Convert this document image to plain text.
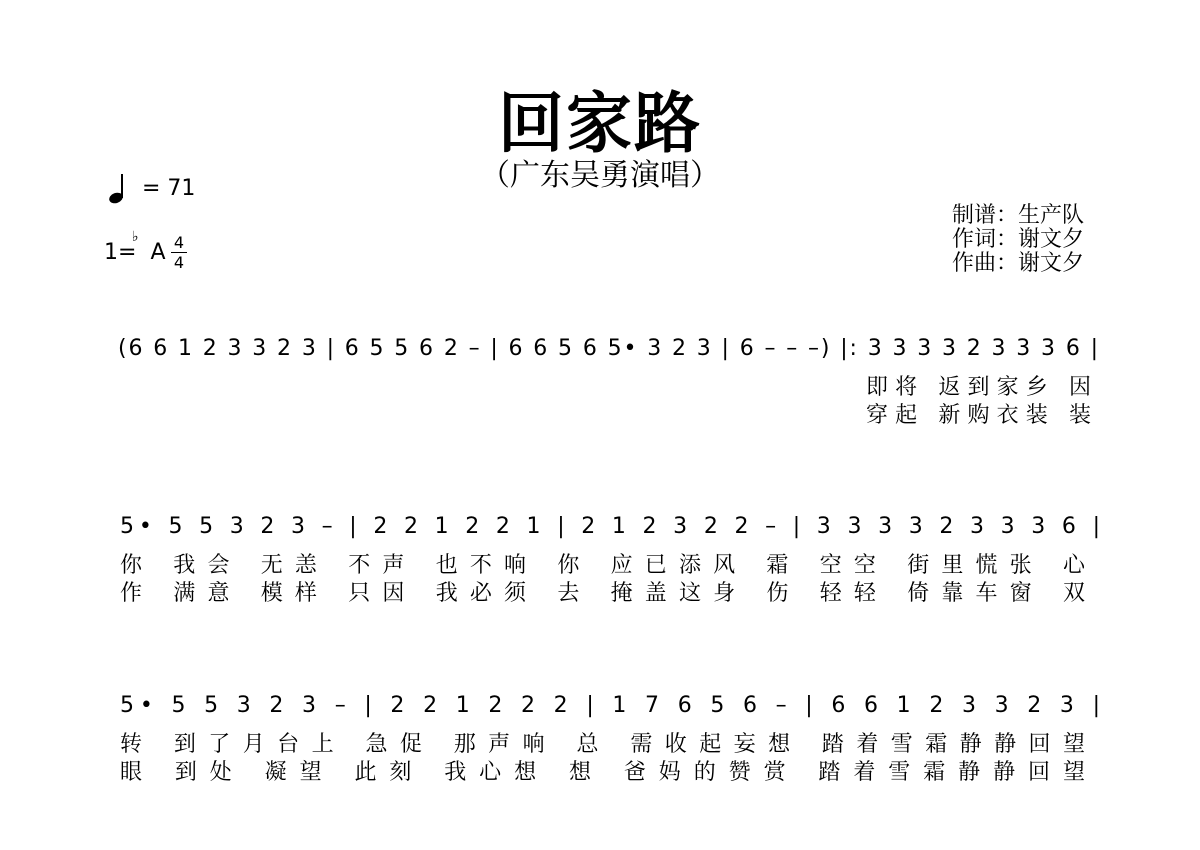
回家路
（广东吴勇演唱）
= 71
1= A
♭ 4
4
制谱：生产队
作词：谢文夕
作曲：谢文夕
(6 6 1 2 3 3 2 3 | 6 5 5 6 2 – | 6 6 5 6 5• 3 2 3 | 6 – – –) |: 3 3 3 3 2 3 3 3 6 |
即将 返到家乡 因
穿起 新购衣装 装
5• 5 5 3 2 3 – | 2 2 1 2 2 1 | 2 1 2 3 2 2 – | 3 3 3 3 2 3 3 3 6 |
你 我会 无恙 不声 也不响 你 应已添风 霜 空空 街里慌张 心
作 满意 模样 只因 我必须 去 掩盖这身 伤 轻轻 倚靠车窗 双
5• 5 5 3 2 3 – | 2 2 1 2 2 2 | 1 7 6 5 6 – | 6 6 1 2 3 3 2 3 |
转 到了月台上 急促 那声响 总 需收起妄想 踏着雪霜静静回望
眼 到处 凝望 此刻 我心想 想 爸妈的赞赏 踏着雪霜静静回望
